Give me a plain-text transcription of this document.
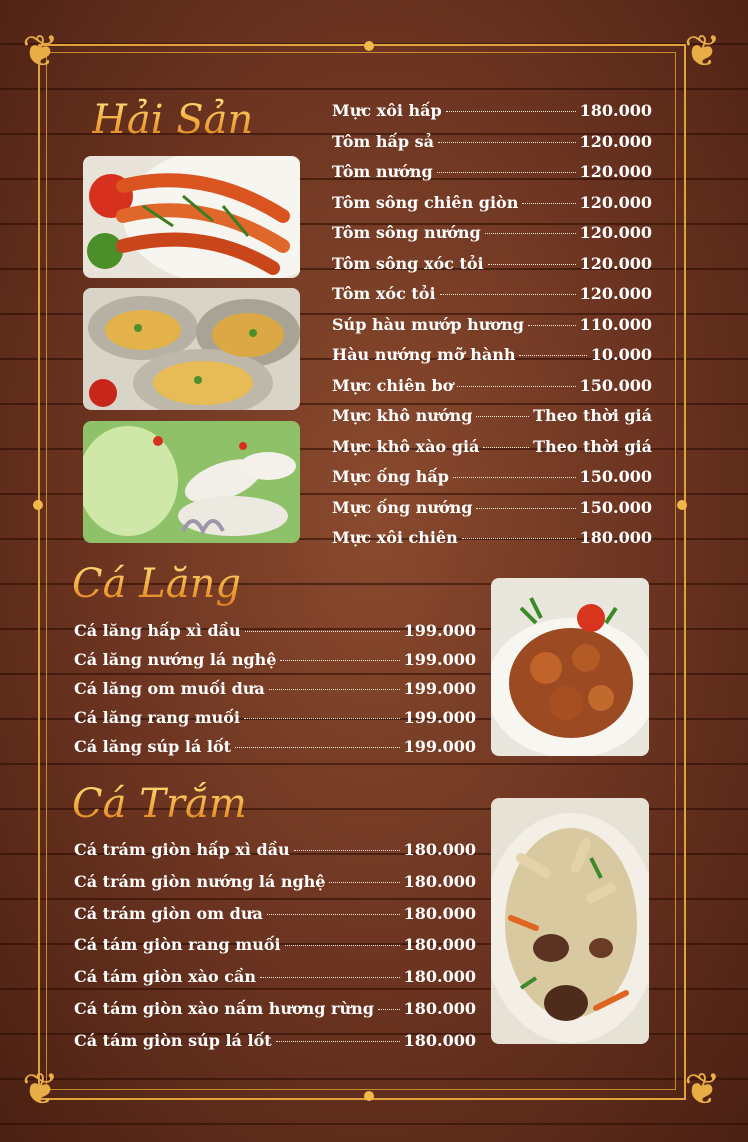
❦	❦
❦	❦
Hải Sản
Cá Lăng
Cá Trắm
Mực xôi hấp	180.000
Tôm hấp sả	120.000
Tôm nướng	120.000
Tôm sông chiên giòn	120.000
Tôm sông nướng	120.000
Tôm sông xóc tỏi	120.000
Tôm xóc tỏi	120.000
Súp hàu mướp hương	110.000
Hàu nướng mỡ hành	10.000
Mực chiên bơ	150.000
Mực khô nướng	Theo thời giá
Mực khô xào giá	Theo thời giá
Mực ống hấp	150.000
Mực ống nướng	150.000
Mực xôi chiên	180.000
Cá lăng hấp xì dầu	199.000
Cá lăng nướng lá nghệ	199.000
Cá lăng om muối dưa	199.000
Cá lăng rang muối	199.000
Cá lăng súp lá lốt	199.000
Cá trám giòn hấp xì dầu	180.000
Cá trám giòn nướng lá nghệ	180.000
Cá trám giòn om dưa	180.000
Cá tám giòn rang muối	180.000
Cá tám giòn xào cần	180.000
Cá tám giòn xào nấm hương rừng 180.000
Cá tám giòn súp lá lốt	180.000
